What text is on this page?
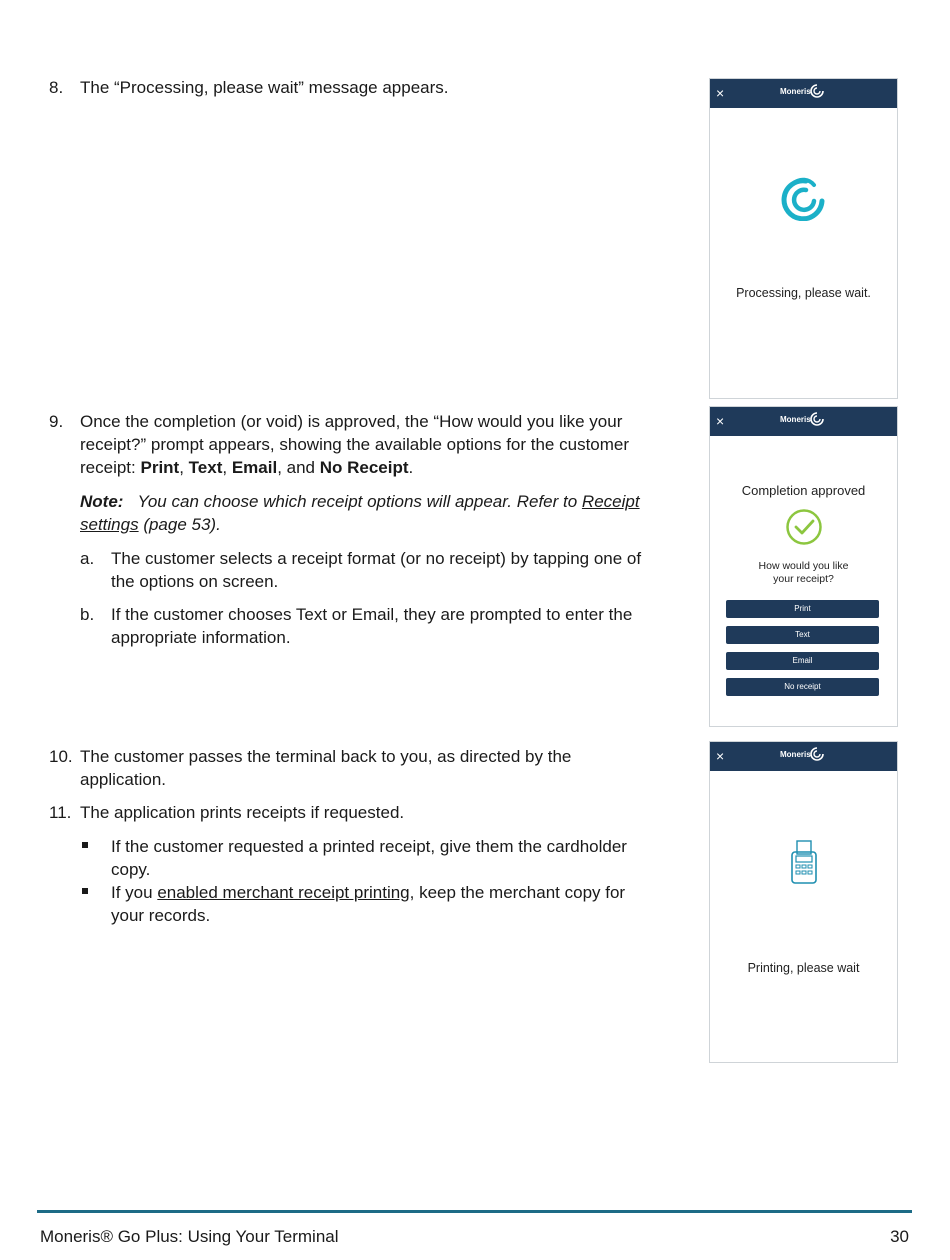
8. The “Processing, please wait” message appears.
9. Once the completion (or void) is approved, the “How would you like your receipt?” prompt appears, showing the available options for the customer receipt: Print, Text, Email, and No Receipt.
Note: You can choose which receipt options will appear. Refer to Receipt settings (page 53).
a. The customer selects a receipt format (or no receipt) by tapping one of the options on screen.
b. If the customer chooses Text or Email, they are prompted to enter the appropriate information.
10. The customer passes the terminal back to you, as directed by the application.
11. The application prints receipts if requested.
If the customer requested a printed receipt, give them the cardholder copy.
If you enabled merchant receipt printing, keep the merchant copy for your records.
×	Moneris
Processing, please wait.
×	Moneris
Completion approved
How would you like your receipt?
Print
Text
Email
No receipt
×	Moneris
Printing, please wait
Moneris® Go Plus: Using Your Terminal	30
